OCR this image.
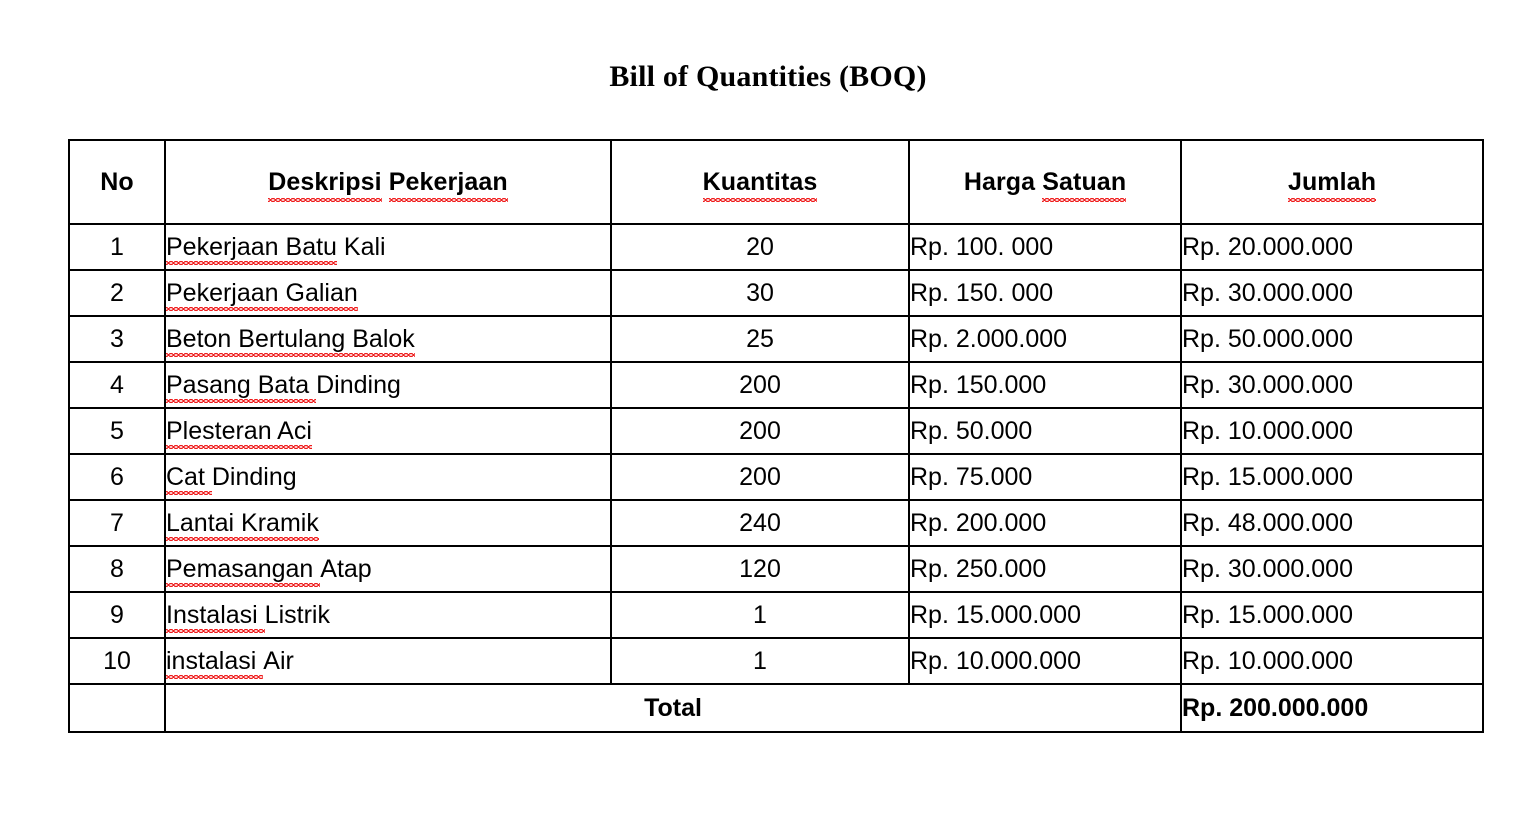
Bill of Quantities (BOQ)
No	Deskripsi Pekerjaan	Kuantitas	Harga Satuan	Jumlah
1	Pekerjaan Batu Kali	20	Rp. 100. 000	Rp. 20.000.000
2	Pekerjaan Galian	30	Rp. 150. 000	Rp. 30.000.000
3	Beton Bertulang Balok	25	Rp. 2.000.000	Rp. 50.000.000
4	Pasang Bata Dinding	200	Rp. 150.000	Rp. 30.000.000
5	Plesteran Aci	200	Rp. 50.000	Rp. 10.000.000
6	Cat Dinding	200	Rp. 75.000	Rp. 15.000.000
7	Lantai Kramik	240	Rp. 200.000	Rp. 48.000.000
8	Pemasangan Atap	120	Rp. 250.000	Rp. 30.000.000
9	Instalasi Listrik	1	Rp. 15.000.000	Rp. 15.000.000
10	instalasi Air	1	Rp. 10.000.000	Rp. 10.000.000
	Total			Rp. 200.000.000
